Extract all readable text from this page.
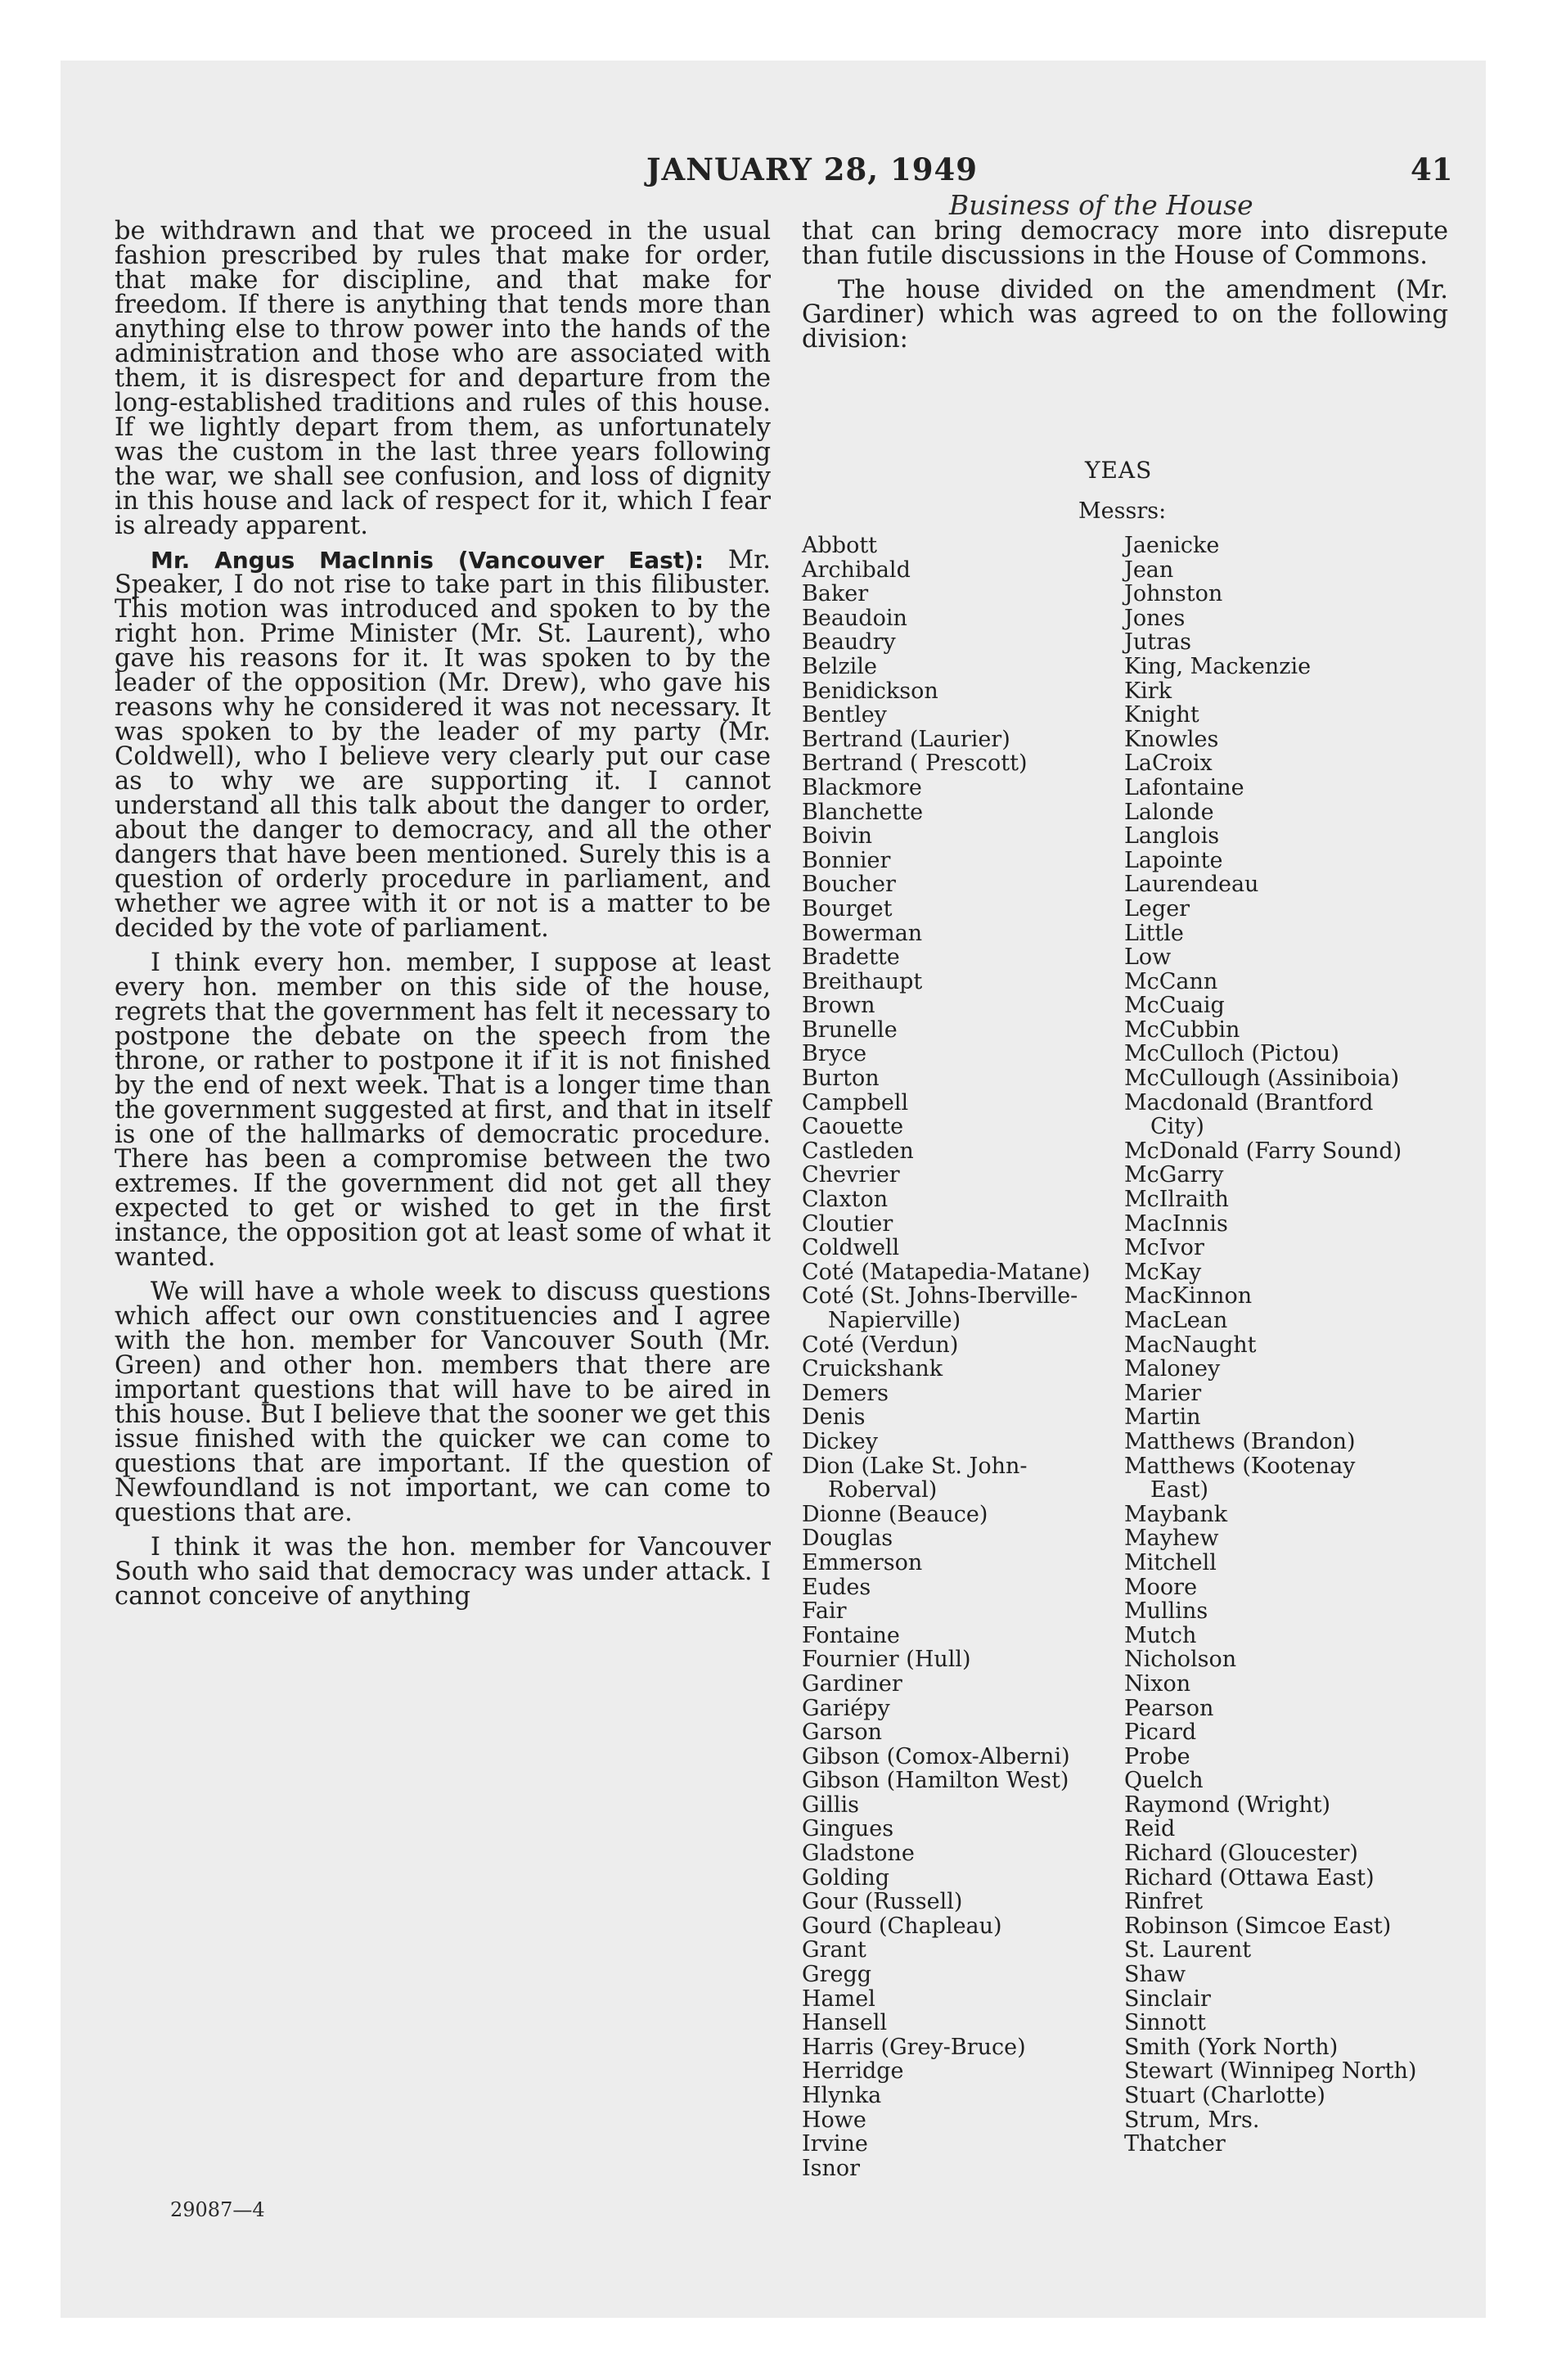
JANUARY 28, 1949	41
Business of the House

be withdrawn and that we proceed in the usual fashion prescribed by rules that make for order, that make for discipline, and that make for freedom. If there is anything that tends more than anything else to throw power into the hands of the administration and those who are associated with them, it is disrespect for and departure from the long-established traditions and rules of this house. If we lightly depart from them, as unfortunately was the custom in the last three years following the war, we shall see confusion, and loss of dignity in this house and lack of respect for it, which I fear is already apparent.

Mr. Angus MacInnis (Vancouver East): Mr. Speaker, I do not rise to take part in this filibuster. This motion was introduced and spoken to by the right hon. Prime Minister (Mr. St. Laurent), who gave his reasons for it. It was spoken to by the leader of the opposition (Mr. Drew), who gave his reasons why he considered it was not necessary. It was spoken to by the leader of my party (Mr. Coldwell), who I believe very clearly put our case as to why we are supporting it. I cannot understand all this talk about the danger to order, about the danger to democracy, and all the other dangers that have been mentioned. Surely this is a question of orderly procedure in parliament, and whether we agree with it or not is a matter to be decided by the vote of parliament.

I think every hon. member, I suppose at least every hon. member on this side of the house, regrets that the government has felt it necessary to postpone the debate on the speech from the throne, or rather to postpone it if it is not finished by the end of next week. That is a longer time than the government suggested at first, and that in itself is one of the hallmarks of democratic procedure. There has been a compromise between the two extremes. If the government did not get all they expected to get or wished to get in the first instance, the opposition got at least some of what it wanted.

We will have a whole week to discuss questions which affect our own constituencies and I agree with the hon. member for Vancouver South (Mr. Green) and other hon. members that there are important questions that will have to be aired in this house. But I believe that the sooner we get this issue finished with the quicker we can come to questions that are important. If the question of Newfoundland is not important, we can come to questions that are.

I think it was the hon. member for Vancouver South who said that democracy was under attack. I cannot conceive of anything

29087—4

that can bring democracy more into disrepute than futile discussions in the House of Commons.

The house divided on the amendment (Mr. Gardiner) which was agreed to on the following division:

YEAS
Messrs:
Abbott
Archibald
Baker
Beaudoin
Beaudry
Belzile
Benidickson
Bentley
Bertrand (Laurier)
Bertrand ( Prescott)
Blackmore
Blanchette
Boivin
Bonnier
Boucher
Bourget
Bowerman
Bradette
Breithaupt
Brown
Brunelle
Bryce
Burton
Campbell
Caouette
Castleden
Chevrier
Claxton
Cloutier
Coldwell
Coté (Matapedia-Matane)
Coté (St. Johns-Iberville-
Napierville)
Coté (Verdun)
Cruickshank
Demers
Denis
Dickey
Dion (Lake St. John-
Roberval)
Dionne (Beauce)
Douglas
Emmerson
Eudes
Fair
Fontaine
Fournier (Hull)
Gardiner
Gariépy
Garson
Gibson (Comox-Alberni)
Gibson (Hamilton West)
Gillis
Gingues
Gladstone
Golding
Gour (Russell)
Gourd (Chapleau)
Grant
Gregg
Hamel
Hansell
Harris (Grey-Bruce)
Herridge
Hlynka
Howe
Irvine
Isnor
Jaenicke
Jean
Johnston
Jones
Jutras
King, Mackenzie
Kirk
Knight
Knowles
LaCroix
Lafontaine
Lalonde
Langlois
Lapointe
Laurendeau
Leger
Little
Low
McCann
McCuaig
McCubbin
McCulloch (Pictou)
McCullough (Assiniboia)
Macdonald (Brantford
City)
McDonald (Farry Sound)
McGarry
McIlraith
MacInnis
McIvor
McKay
MacKinnon
MacLean
MacNaught
Maloney
Marier
Martin
Matthews (Brandon)
Matthews (Kootenay
East)
Maybank
Mayhew
Mitchell
Moore
Mullins
Mutch
Nicholson
Nixon
Pearson
Picard
Probe
Quelch
Raymond (Wright)
Reid
Richard (Gloucester)
Richard (Ottawa East)
Rinfret
Robinson (Simcoe East)
St. Laurent
Shaw
Sinclair
Sinnott
Smith (York North)
Stewart (Winnipeg North)
Stuart (Charlotte)
Strum, Mrs.
Thatcher
